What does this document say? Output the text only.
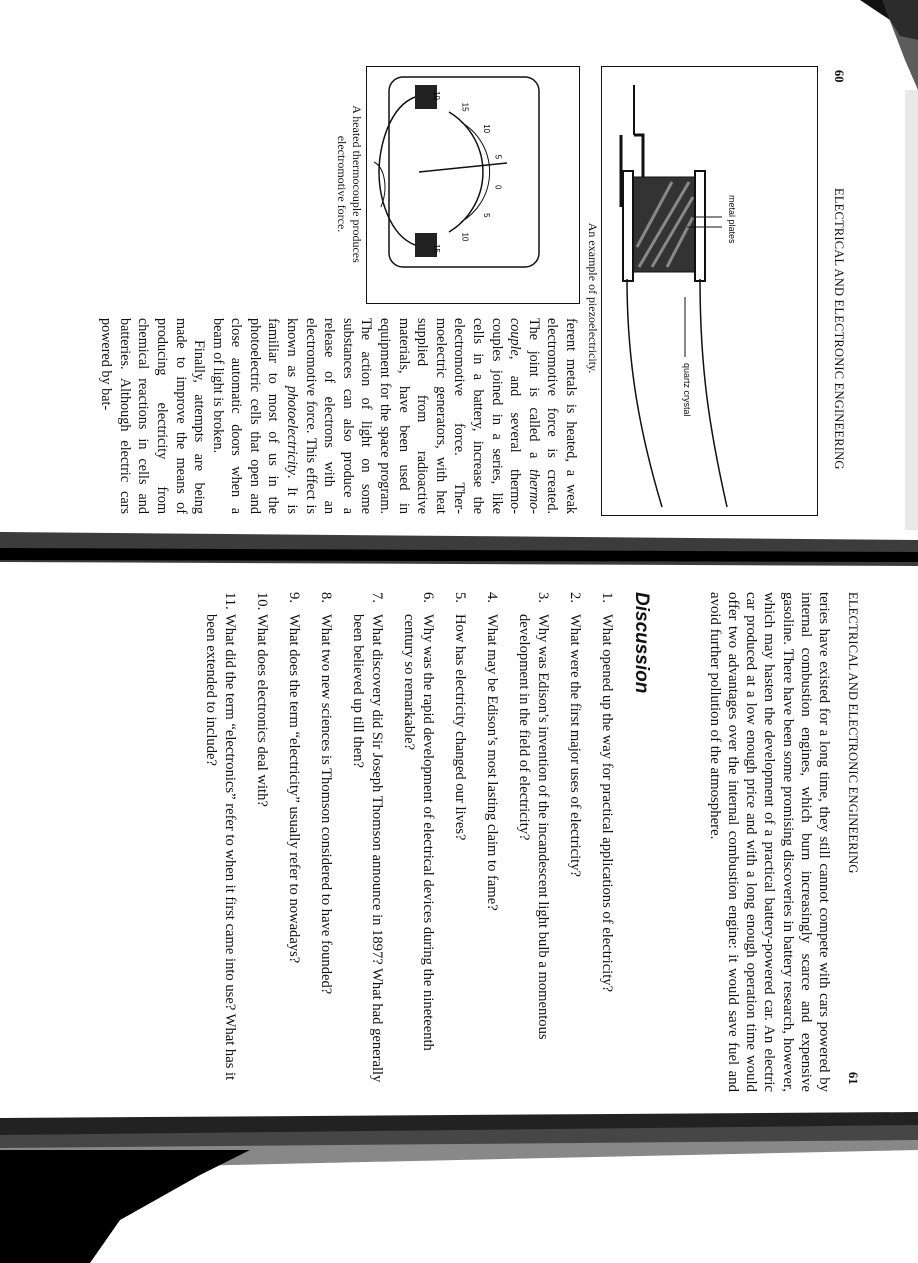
60
ELECTRICAL AND ELECTRONIC ENGINEERING
metal plates
quartz crystal
An example of piezoelectricity.
10
15
10
5
0
5
10
15
A heated thermocouple produces
electromotive force.

ferent metals is heated, a weak electromotive force is created. The joint is called a thermocouple, and several thermocouples joined in a series, like cells in a battery, increase the electromotive force. Thermoelectric generators, with heat supplied from radioactive materials, have been used in equipment for the space program. The action of light on some substances can also produce a release of electrons with an electromotive force. This effect is known as photoelectricity. It is familiar to most of us in the photoelectric cells that open and close automatic doors when a beam of light is broken.

Finally, attempts are being made to improve the means of producing electricity from chemical reactions in cells and batteries. Although electric cars powered by bat-

ELECTRICAL AND ELECTRONIC ENGINEERING
61
teries have existed for a long time, they still cannot compete with cars powered by internal combustion engines, which burn increasingly scarce and expensive gasoline. There have been some promising discoveries in battery research, however, which may hasten the development of a practical battery-powered car. An electric car produced at a low enough price and with a long enough operation time would offer two advantages over the internal combustion engine: it would save fuel and avoid further pollution of the atmosphere.
Discussion
1.
What opened up the way for practical applications of electricity?
2.
What were the first major uses of electricity?
3.
Why was Edison’s invention of the incandescent light bulb a momentous development in the field of electricity?
4.
What may be Edison’s most lasting claim to fame?
5.
How has electricity changed our lives?
6.
Why was the rapid development of electrical devices during the nineteenth century so remarkable?
7.
What discovery did Sir Joseph Thomson announce in 1897? What had generally been believed up till then?
8.
What two new sciences is Thomson considered to have founded?
9.
What does the term “electricity” usually refer to nowadays?
10.
What does electronics deal with?
11.
What did the term “electronics” refer to when it first came into use? What has it been extended to include?
